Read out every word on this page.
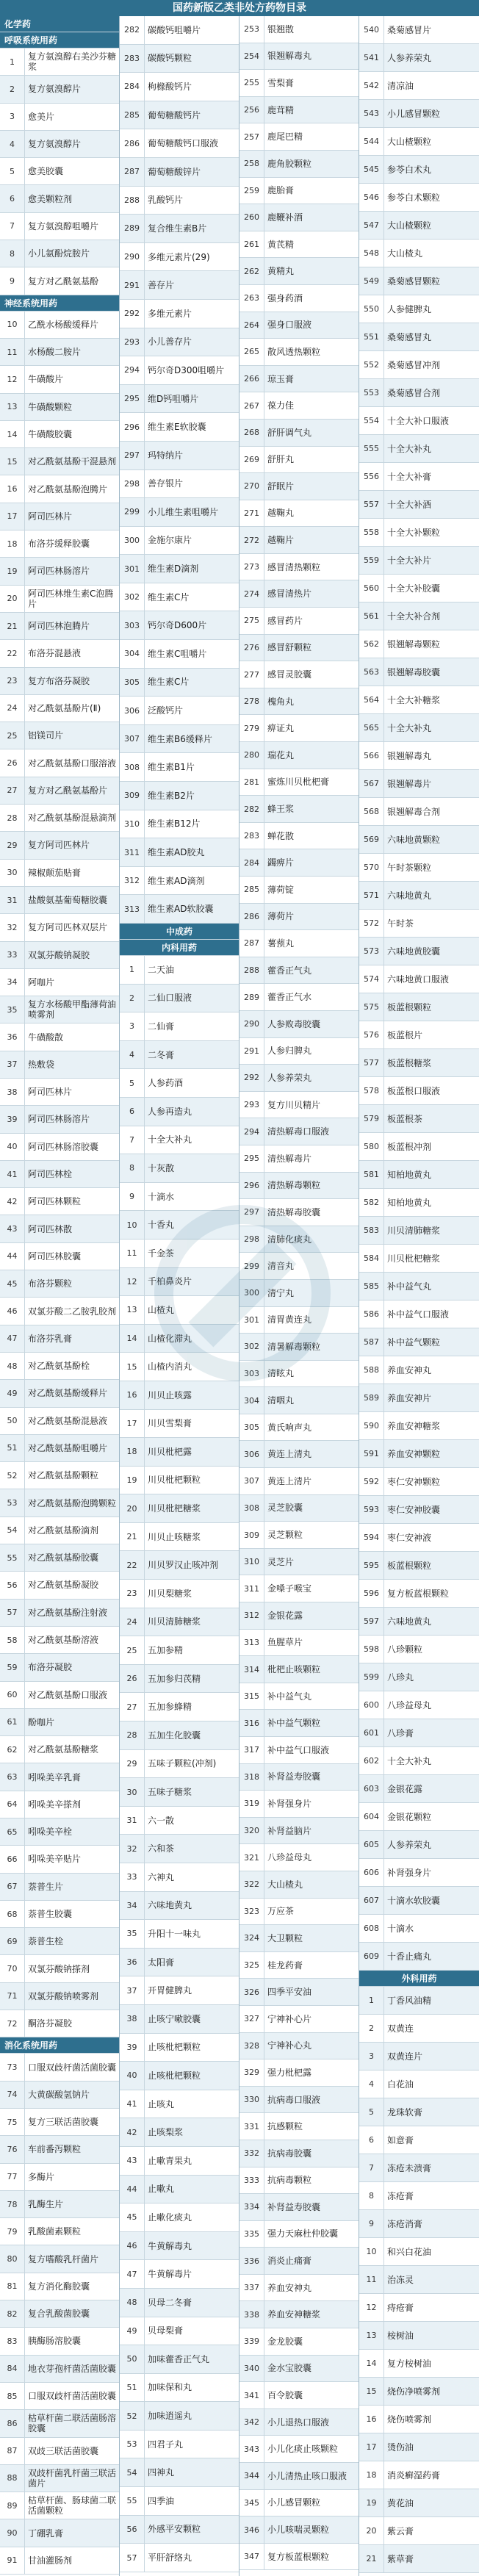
国药新版乙类非处方药物目录
化学药
呼吸系统用药
1	复方氨溴醇右美沙芬糖浆
2	复方氨溴醇片
3	愈美片
4	复方氨溴醇片
5	愈美胶囊
6	愈美颗粒剂
7	复方氨溴醇咀嚼片
8	小儿氨酚烷胺片
9	复方对乙酰氨基酚
神经系统用药
10	乙酰水杨酸缓释片
11	水杨酸二胺片
12	牛磺酸片
13	牛磺酸颗粒
14	牛磺酸胶囊
15	对乙酰氨基酚干混悬剂
16	对乙酰氨基酚泡腾片
17	阿司匹林片
18	布洛芬缓释胶囊
19	阿司匹林肠溶片
20	阿司匹林维生素C泡腾片
21	阿司匹林泡腾片
22	布洛芬混悬液
23	复方布洛芬凝胶
24	对乙酰氨基酚片(Ⅱ)
25	铝镁司片
26	对乙酰氨基酚口服溶液
27	复方对乙酰氨基酚片
28	对乙酰氨基酚混悬滴剂
29	复方阿司匹林片
30	辣椒颠茄贴膏
31	盐酸氨基葡萄糖胶囊
32	复方阿司匹林双层片
33	双氯芬酸钠凝胶
34	阿咖片
35	复方水杨酸甲酯薄荷油喷雾剂
36	牛磺酸散
37	热敷袋
38	阿司匹林片
39	阿司匹林肠溶片
40	阿司匹林肠溶胶囊
41	阿司匹林栓
42	阿司匹林颗粒
43	阿司匹林散
44	阿司匹林胶囊
45	布洛芬颗粒
46	双氯芬酸二乙胺乳胶剂
47	布洛芬乳膏
48	对乙酰氨基酚栓
49	对乙酰氨基酚缓释片
50	对乙酰氨基酚混悬液
51	对乙酰氨基酚咀嚼片
52	对乙酰氨基酚颗粒
53	对乙酰氨基酚泡腾颗粒
54	对乙酰氨基酚滴剂
55	对乙酰氨基酚胶囊
56	对乙酰氨基酚凝胶
57	对乙酰氨基酚注射液
58	对乙酰氨基酚溶液
59	布洛芬凝胶
60	对乙酰氨基酚口服液
61	酚咖片
62	对乙酰氨基酚糖浆
63	吲哚美辛乳膏
64	吲哚美辛搽剂
65	吲哚美辛栓
66	吲哚美辛贴片
67	萘普生片
68	萘普生胶囊
69	萘普生栓
70	双氯芬酸钠搽剂
71	双氯芬酸钠喷雾剂
72	酮洛芬凝胶
消化系统用药
73	口服双歧杆菌活菌胶囊
74	大黄碳酸氢钠片
75	复方三联活菌胶囊
76	车前番泻颗粒
77	多酶片
78	乳酶生片
79	乳酸菌素颗粒
80	复方嗜酸乳杆菌片
81	复方消化酶胶囊
82	复合乳酸菌胶囊
83	胰酶肠溶胶囊
84	地衣芽孢杆菌活菌胶囊
85	口服双歧杆菌活菌胶囊
86	枯草杆菌二联活菌肠溶胶囊
87	双歧三联活菌胶囊
88	双歧杆菌乳杆菌三联活菌片
89	枯草杆菌、肠球菌二联活菌颗粒
90	丁硼乳膏
91	甘油灌肠剂
282 碳酸钙咀嚼片
283 碳酸钙颗粒
284 枸橼酸钙片
285 葡萄糖酸钙片
286 葡萄糖酸钙口服液
287 葡萄糖酸锌片
288 乳酸钙片
289 复合维生素B片
290 多维元素片(29)
291 善存片
292 多维元素片
293 小儿善存片
294 钙尔奇D300咀嚼片
295 维D钙咀嚼片
296 维生素E软胶囊
297 玛特纳片
298 善存银片
299 小儿维生素咀嚼片
300 金施尔康片
301 维生素D滴剂
302 维生素C片
303 钙尔奇D600片
304 维生素C咀嚼片
305 维生素C片
306 泛酸钙片
307 维生素B6缓释片
308 维生素B1片
309 维生素B2片
310 维生素B12片
311 维生素AD胶丸
312 维生素AD滴剂
313 维生素AD软胶囊
中成药
内科用药
1	二天油
2	二仙口服液
3	二仙膏
4	二冬膏
5	人参药酒
6	人参再造丸
7	十全大补丸
8	十灰散
9	十滴水
10	十香丸
11	千金茶
12	千柏鼻炎片
13	山楂丸
14	山楂化滞丸
15	山楂内消丸
16	川贝止咳露
17	川贝雪梨膏
18	川贝枇杷露
19	川贝枇杷颗粒
20	川贝枇杷糖浆
21	川贝止咳糖浆
22	川贝罗汉止咳冲剂
23	川贝梨糖浆
24	川贝清肺糖浆
25	五加参精
26	五加参归芪精
27	五加参蜂精
28	五加生化胶囊
29	五味子颗粒(冲剂)
30	五味子糖浆
31	六一散
32	六和茶
33	六神丸
34	六味地黄丸
35	升阳十一味丸
36	太阳膏
37	开胃健脾丸
38	止咳宁嗽胶囊
39	止咳枇杷颗粒
40	止咳枇杷颗粒
41	止咳丸
42	止咳梨浆
43	止嗽青果丸
44	止嗽丸
45	止嗽化痰丸
46	牛黄解毒丸
47	牛黄解毒片
48	贝母二冬膏
49	贝母梨膏
50	加味藿香正气丸
51	加味保和丸
52	加味逍遥丸
53	四君子丸
54	四神丸
55	四季油
56	外感平安颗粒
57	平肝舒络丸
253 银翘散
254 银翘解毒丸
255 雪梨膏
256 鹿茸精
257 鹿尾巴精
258 鹿角胶颗粒
259 鹿胎膏
260 鹿鞭补酒
261 黄芪精
262 黄精丸
263 强身药酒
264 强身口服液
265 散风透热颗粒
266 琼玉膏
267 葆力佳
268 舒肝调气丸
269 舒肝丸
270 舒眠片
271 越鞠丸
272 越鞠片
273 感冒清热颗粒
274 感冒清热片
275 感冒药片
276 感冒舒颗粒
277 感冒灵胶囊
278 槐角丸
279 痹证丸
280 瑞花丸
281 蜜炼川贝枇杷膏
282 蜂王浆
283 蝉花散
284 蠲痹片
285 薄荷锭
286 薄荷片
287 薯蓣丸
288 藿香正气丸
289 藿香正气水
290 人参败毒胶囊
291 人参归脾丸
292 人参养荣丸
293 复方川贝精片
294 清热解毒口服液
295 清热解毒片
296 清热解毒颗粒
297 清热解毒胶囊
298 清肺化痰丸
299 清音丸
300 清宁丸
301 清胃黄连丸
302 清暑解毒颗粒
303 清眩丸
304 清咽丸
305 黄氏响声丸
306 黄连上清丸
307 黄连上清片
308 灵芝胶囊
309 灵芝颗粒
310 灵芝片
311 金嗓子喉宝
312 金银花露
313 鱼腥草片
314 枇杷止咳颗粒
315 补中益气丸
316 补中益气颗粒
317 补中益气口服液
318 补肾益寿胶囊
319 补肾强身片
320 补肾益脑片
321 八珍益母丸
322 大山楂丸
323 万应茶
324 大卫颗粒
325 桂龙药膏
326 四季平安油
327 宁神补心片
328 宁神补心丸
329 强力枇杷露
330 抗病毒口服液
331 抗感颗粒
332 抗病毒胶囊
333 抗病毒颗粒
334 补肾益寿胶囊
335 强力天麻杜仲胶囊
336 消炎止痛膏
337 养血安神丸
338 养血安神糖浆
339 金龙胶囊
340 金水宝胶囊
341 百令胶囊
342 小儿退热口服液
343 小儿化痰止咳颗粒
344 小儿清热止咳口服液
345 小儿感冒颗粒
346 小儿咳喘灵颗粒
347 复方板蓝根颗粒
540 桑菊感冒片
541 人参养荣丸
542 清凉油
543 小儿感冒颗粒
544 大山楂颗粒
545 参苓白术丸
546 参苓白术颗粒
547 大山楂颗粒
548 大山楂丸
549 桑菊感冒颗粒
550 人参健脾丸
551 桑菊感冒丸
552 桑菊感冒冲剂
553 桑菊感冒合剂
554 十全大补口服液
555 十全大补丸
556 十全大补膏
557 十全大补酒
558 十全大补颗粒
559 十全大补片
560 十全大补胶囊
561 十全大补合剂
562 银翘解毒颗粒
563 银翘解毒胶囊
564 十全大补糖浆
565 十全大补丸
566 银翘解毒丸
567 银翘解毒片
568 银翘解毒合剂
569 六味地黄颗粒
570 午时茶颗粒
571 六味地黄丸
572 午时茶
573 六味地黄胶囊
574 六味地黄口服液
575 板蓝根颗粒
576 板蓝根片
577 板蓝根糖浆
578 板蓝根口服液
579 板蓝根茶
580 板蓝根冲剂
581 知柏地黄丸
582 知柏地黄丸
583 川贝清肺糖浆
584 川贝枇杷糖浆
585 补中益气丸
586 补中益气口服液
587 补中益气颗粒
588 养血安神丸
589 养血安神片
590 养血安神糖浆
591 养血安神颗粒
592 枣仁安神颗粒
593 枣仁安神胶囊
594 枣仁安神液
595 板蓝根颗粒
596 复方板蓝根颗粒
597 六味地黄丸
598 八珍颗粒
599 八珍丸
600 八珍益母丸
601 八珍膏
602 十全大补丸
603 金银花露
604 金银花颗粒
605 人参养荣丸
606 补肾强身片
607 十滴水软胶囊
608 十滴水
609 十香止痛丸
外科用药
1	丁香风油精
2	双黄连
3	双黄连片
4	白花油
5	龙珠软膏
6	如意膏
7	冻疮未溃膏
8	冻疮膏
9	冻疮消膏
10	和兴白花油
11	治冻灵
12	痔疮膏
13	桉树油
14	复方桉树油
15	烧伤净喷雾剂
16	烧伤喷雾剂
17	烫伤油
18	消炎癣湿药膏
19	黄花油
20	紫云膏
21	紫草膏
